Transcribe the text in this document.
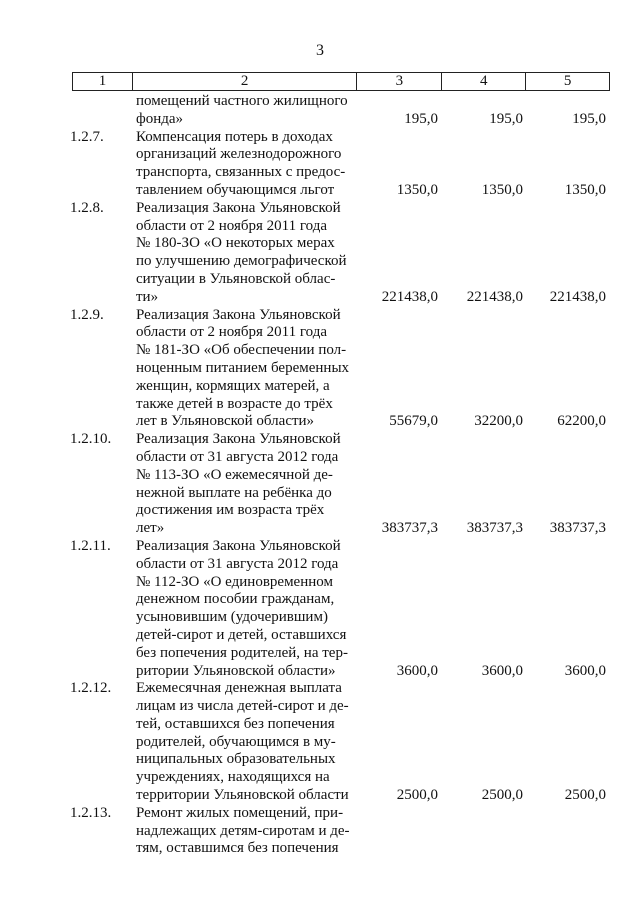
3
1	2	3	4	5
помещений частного жилищного
фонда»	195,0	195,0	195,0
1.2.7.	Компенсация потерь в доходах
организаций железнодорожного
транспорта, связанных с предос-
тавлением обучающимся льгот	1350,0	1350,0	1350,0
1.2.8.	Реализация Закона Ульяновской
области от 2 ноября 2011 года
№ 180-ЗО «О некоторых мерах
по улучшению демографической
ситуации в Ульяновской облас-
ти»	221438,0	221438,0	221438,0
1.2.9.	Реализация Закона Ульяновской
области от 2 ноября 2011 года
№ 181-ЗО «Об обеспечении пол-
ноценным питанием беременных
женщин, кормящих матерей, а
также детей в возрасте до трёх
лет в Ульяновской области»	55679,0	32200,0	62200,0
1.2.10.	Реализация Закона Ульяновской
области от 31 августа 2012 года
№ 113-ЗО «О ежемесячной де-
нежной выплате на ребёнка до
достижения им возраста трёх
лет»	383737,3	383737,3	383737,3
1.2.11.	Реализация Закона Ульяновской
области от 31 августа 2012 года
№ 112-ЗО «О единовременном
денежном пособии гражданам,
усыновившим (удочерившим)
детей-сирот и детей, оставшихся
без попечения родителей, на тер-
ритории Ульяновской области»	3600,0	3600,0	3600,0
1.2.12.	Ежемесячная денежная выплата
лицам из числа детей-сирот и де-
тей, оставшихся без попечения
родителей, обучающимся в му-
ниципальных образовательных
учреждениях, находящихся на
территории Ульяновской области	2500,0	2500,0	2500,0
1.2.13.	Ремонт жилых помещений, при-
надлежащих детям-сиротам и де-
тям, оставшимся без попечения
